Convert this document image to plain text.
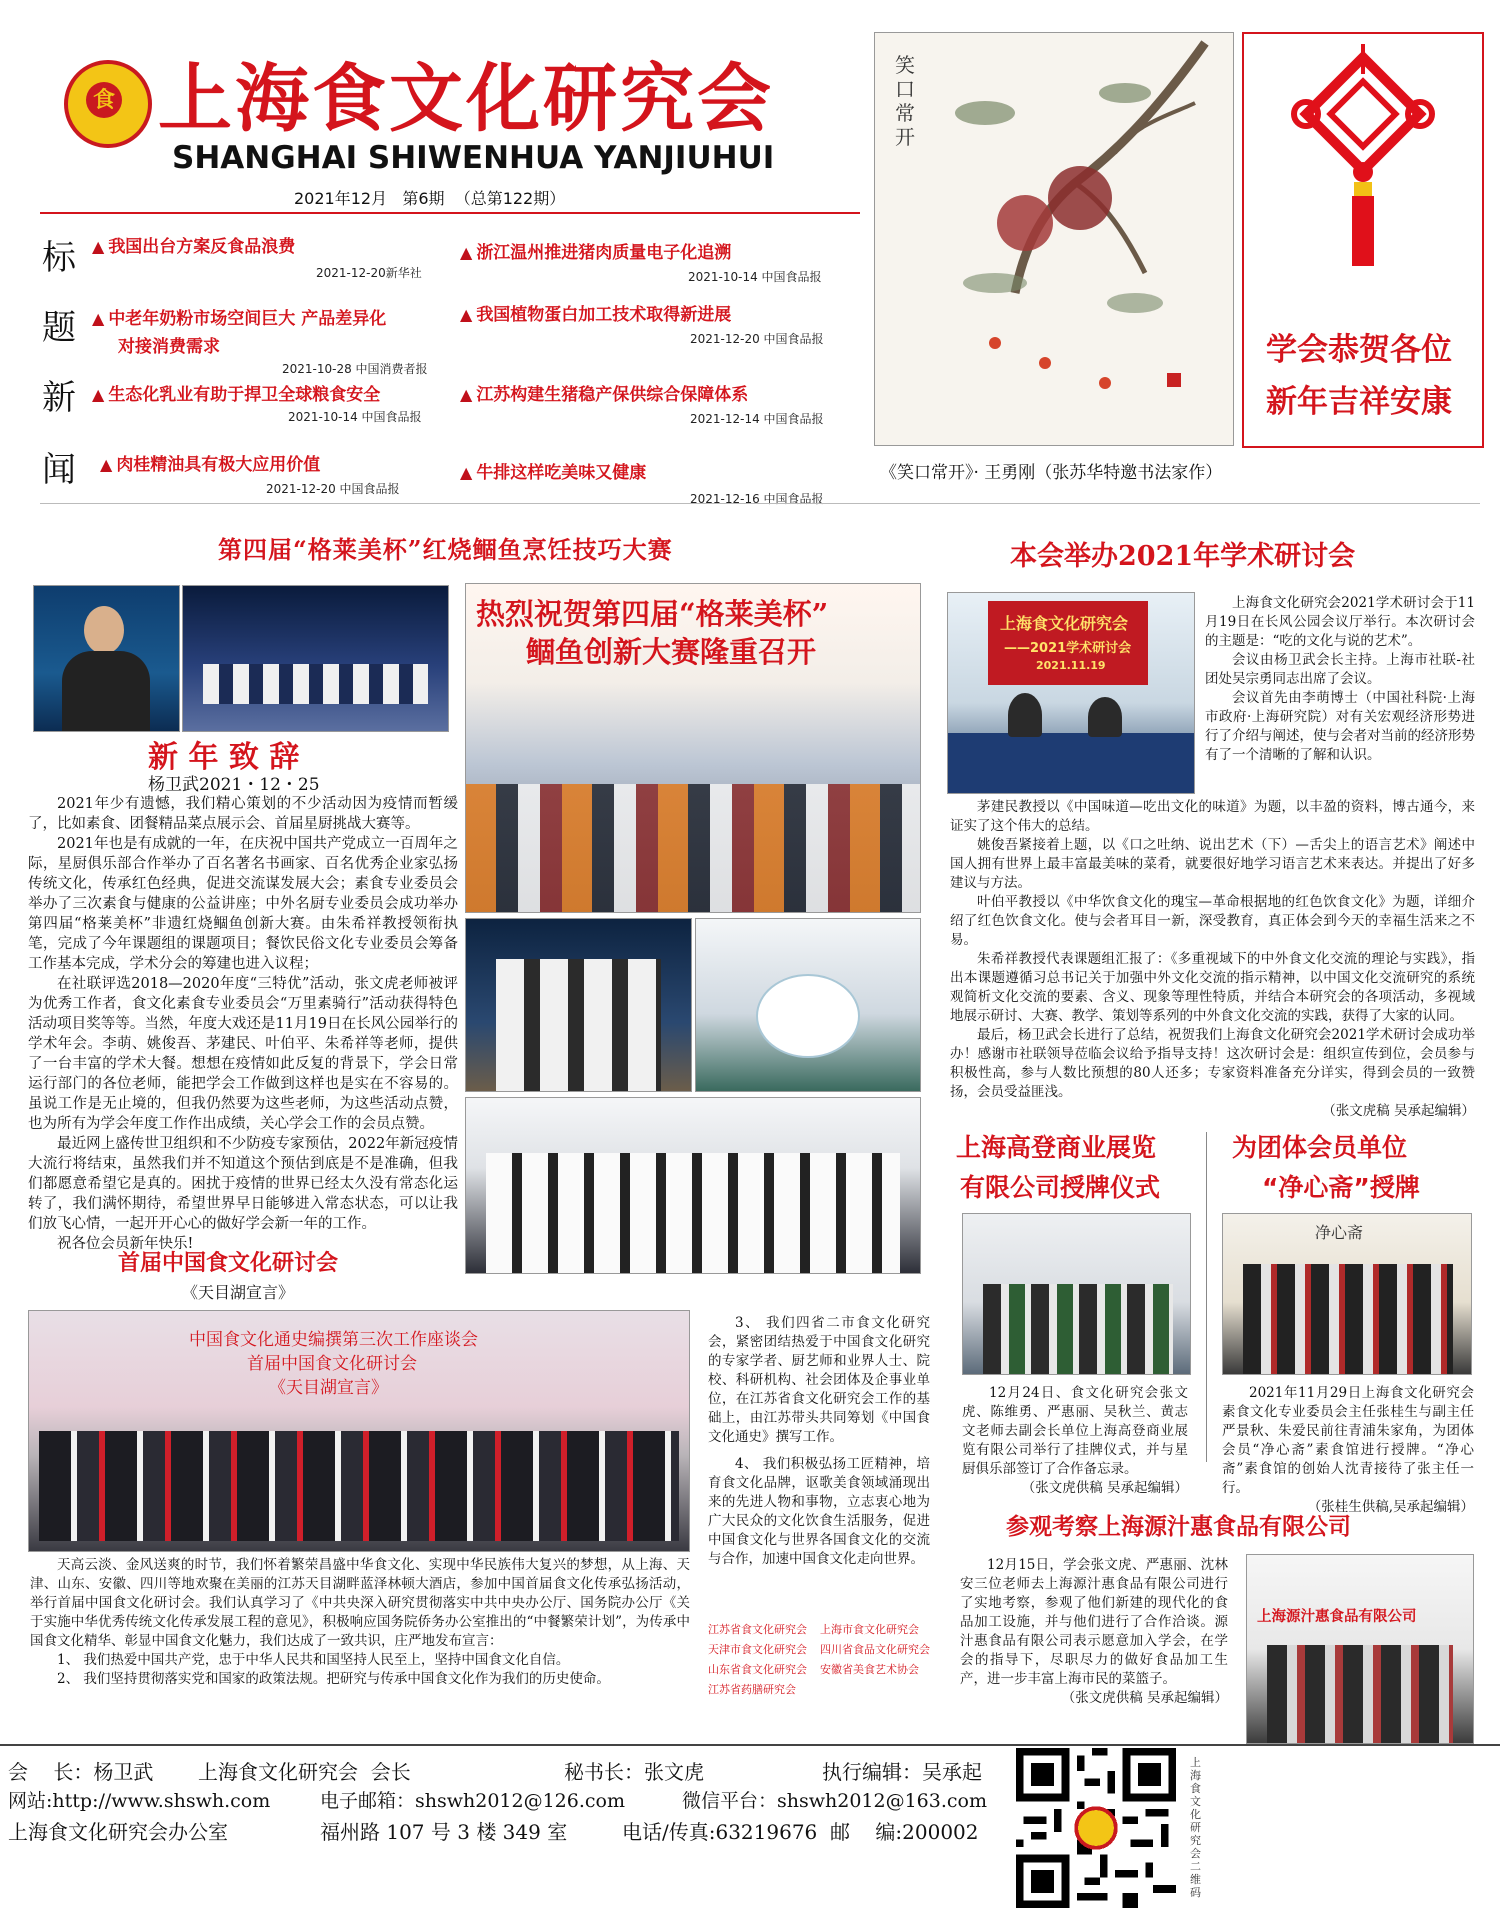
食 上海食文化研究会
SHANGHAI SHIWENHUA YANJIUHUI
2021年12月   第6期  （总第122期）
标
题
新
闻
▲ 我国出台方案反食品浪费
2021-12-20新华社
▲ 中老年奶粉市场空间巨大 产品差异化
对接消费需求
2021-10-28 中国消费者报
▲ 生态化乳业有助于捍卫全球粮食安全
2021-10-14 中国食品报
▲ 肉桂精油具有极大应用价值
2021-12-20 中国食品报
▲ 浙江温州推进猪肉质量电子化追溯
2021-10-14 中国食品报
▲ 我国植物蛋白加工技术取得新进展
2021-12-20 中国食品报
▲ 江苏构建生猪稳产保供综合保障体系
2021-12-14 中国食品报
▲ 牛排这样吃美味又健康
2021-12-16 中国食品报
笑口常开
《笑口常开》· 王勇刚（张苏华特邀书法家作）
学会恭贺各位
新年吉祥安康
第四届“格莱美杯”红烧鲴鱼烹饪技巧大赛
热烈祝贺第四届“格莱美杯”
鲴鱼创新大赛隆重召开
新 年 致 辞
杨卫武2021・12・25

2021年少有遗憾，我们精心策划的不少活动因为疫情而暂缓了，比如素食、团餐精品菜点展示会、首届星厨挑战大赛等。

2021年也是有成就的一年，在庆祝中国共产党成立一百周年之际，星厨俱乐部合作举办了百名著名书画家、百名优秀企业家弘扬传统文化，传承红色经典，促进交流谋发展大会；素食专业委员会举办了三次素食与健康的公益讲座；中外名厨专业委员会成功举办第四届“格莱美杯”非遗红烧鲴鱼创新大赛。由朱希祥教授领衔执笔，完成了今年课题组的课题项目；餐饮民俗文化专业委员会筹备工作基本完成，学术分会的筹建也进入议程；

在社联评选2018—2020年度“三特优”活动，张文虎老师被评为优秀工作者，食文化素食专业委员会“万里素骑行”活动获得特色活动项目奖等等。当然，年度大戏还是11月19日在长风公园举行的学术年会。李萌、姚俊吾、茅建民、叶伯平、朱希祥等老师，提供了一台丰富的学术大餐。想想在疫情如此反复的背景下，学会日常运行部门的各位老师，能把学会工作做到这样也是实在不容易的。虽说工作是无止境的，但我仍然要为这些老师，为这些活动点赞，也为所有为学会年度工作作出成绩，关心学会工作的会员点赞。

最近网上盛传世卫组织和不少防疫专家预估，2022年新冠疫情大流行将结束，虽然我们并不知道这个预估到底是不是准确，但我们都愿意希望它是真的。困扰于疫情的世界已经太久没有常态化运转了，我们满怀期待，希望世界早日能够进入常态状态，可以让我们放飞心情，一起开开心心的做好学会新一年的工作。

祝各位会员新年快乐!

首届中国食文化研讨会
《天目湖宣言》
中国食文化通史编撰第三次工作座谈会
首届中国食文化研讨会
《天目湖宣言》

天高云淡、金风送爽的时节，我们怀着繁荣昌盛中华食文化、实现中华民族伟大复兴的梦想，从上海、天津、山东、安徽、四川等地欢聚在美丽的江苏天目湖畔蓝泽林顿大酒店，参加中国首届食文化传承弘扬活动，举行首届中国食文化研讨会。我们认真学习了《中共央深入研究贯彻落实中共中央办公厅、国务院办公厅《关于实施中华优秀传统文化传承发展工程的意见》，积极响应国务院侨务办公室推出的“中餐繁荣计划”，为传承中国食文化精华、彰显中国食文化魅力，我们达成了一致共识，庄严地发布宣言：

1、 我们热爱中国共产党，忠于中华人民共和国坚持人民至上，坚持中国食文化自信。

2、 我们坚持贯彻落实党和国家的政策法规。把研究与传承中国食文化作为我们的历史使命。

3、 我们四省二市食文化研究会，紧密团结热爱于中国食文化研究的专家学者、厨艺师和业界人士、院校、科研机构、社会团体及企事业单位，在江苏省食文化研究会工作的基础上，由江苏带头共同筹划《中国食文化通史》撰写工作。

4、 我们积极弘扬工匠精神，培育食文化品牌，讴歌美食领域涌现出来的先进人物和事物，立志衷心地为广大民众的文化饮食生活服务，促进中国食文化与世界各国食文化的交流与合作，加速中国食文化走向世界。

江苏省食文化研究会 上海市食文化研究会
天津市食文化研究会 四川省食品文化研究会
山东省食文化研究会 安徽省美食艺术协会
江苏省药膳研究会
本会举办2021年学术研讨会
上海食文化研究会
——2021学术研讨会
2021.11.19

上海食文化研究会2021学术研讨会于11月19日在长风公园会议厅举行。本次研讨会的主题是：“吃的文化与说的艺术”。

会议由杨卫武会长主持。上海市社联-社团处吴宗勇同志出席了会议。

会议首先由李萌博士（中国社科院·上海市政府·上海研究院）对有关宏观经济形势进行了介绍与阐述，使与会者对当前的经济形势有了一个清晰的了解和认识。

茅建民教授以《中国味道—吃出文化的味道》为题，以丰盈的资料，博古通今，来证实了这个伟大的总结。

姚俊吾紧接着上题，以《口之吐纳、说出艺术（下）—舌尖上的语言艺术》阐述中国人拥有世界上最丰富最美味的菜肴，就要很好地学习语言艺术来表达。并提出了好多建议与方法。

叶伯平教授以《中华饮食文化的瑰宝—革命根据地的红色饮食文化》为题，详细介绍了红色饮食文化。使与会者耳目一新，深受教育，真正体会到今天的幸福生活来之不易。

朱希祥教授代表课题组汇报了：《多重视域下的中外食文化交流的理论与实践》，指出本课题遵循习总书记关于加强中外文化交流的指示精神，以中国文化交流研究的系统观简析文化交流的要素、含义、现象等理性特质，并结合本研究会的各项活动，多视域地展示研讨、大赛、教学、策划等系列的中外食文化交流的实践，获得了大家的认同。

最后，杨卫武会长进行了总结，祝贺我们上海食文化研究会2021学术研讨会成功举办！感谢市社联领导莅临会议给予指导支持！这次研讨会是：组织宣传到位，会员参与积极性高，参与人数比预想的80人还多；专家资料准备充分详实，得到会员的一致赞扬，会员受益匪浅。

（张文虎稿 吴承起编辑）
上海高登商业展览
有限公司授牌仪式

12月24日、食文化研究会张文虎、陈维勇、严惠丽、吴秋兰、黄志文老师去副会长单位上海高登商业展览有限公司举行了挂牌仪式，并与星厨俱乐部签订了合作备忘录。

（张文虎供稿 吴承起编辑）
为团体会员单位
“净心斋”授牌
净心斋

2021年11月29日上海食文化研究会素食文化专业委员会主任张桂生与副主任严景秋、朱爱民前往青浦朱家角，为团体会员“净心斋”素食馆进行授牌。“净心斋”素食馆的创始人沈青接待了张主任一行。

（张桂生供稿,吴承起编辑）
参观考察上海源汁惠食品有限公司

12月15日，学会张文虎、严惠丽、沈林安三位老师去上海源汁惠食品有限公司进行了实地考察，参观了他们新建的现代化的食品加工设施，并与他们进行了合作洽谈。源汁惠食品有限公司表示愿意加入学会，在学会的指导下，尽职尽力的做好食品加工生产，进一步丰富上海市民的菜篮子。

（张文虎供稿 吴承起编辑）
上海源汁惠食品有限公司
会    长：杨卫武 上海食文化研究会  会长	秘书长：张文虎	执行编辑：吴承起
网站:http://www.shswh.com	电子邮箱：shswh2012@126.com	微信平台：shswh2012@163.com
上海食文化研究会办公室	福州路 107 号 3 楼 349 室	电话/传真:63219676  邮    编:200002
上海食文化研究会二维码
